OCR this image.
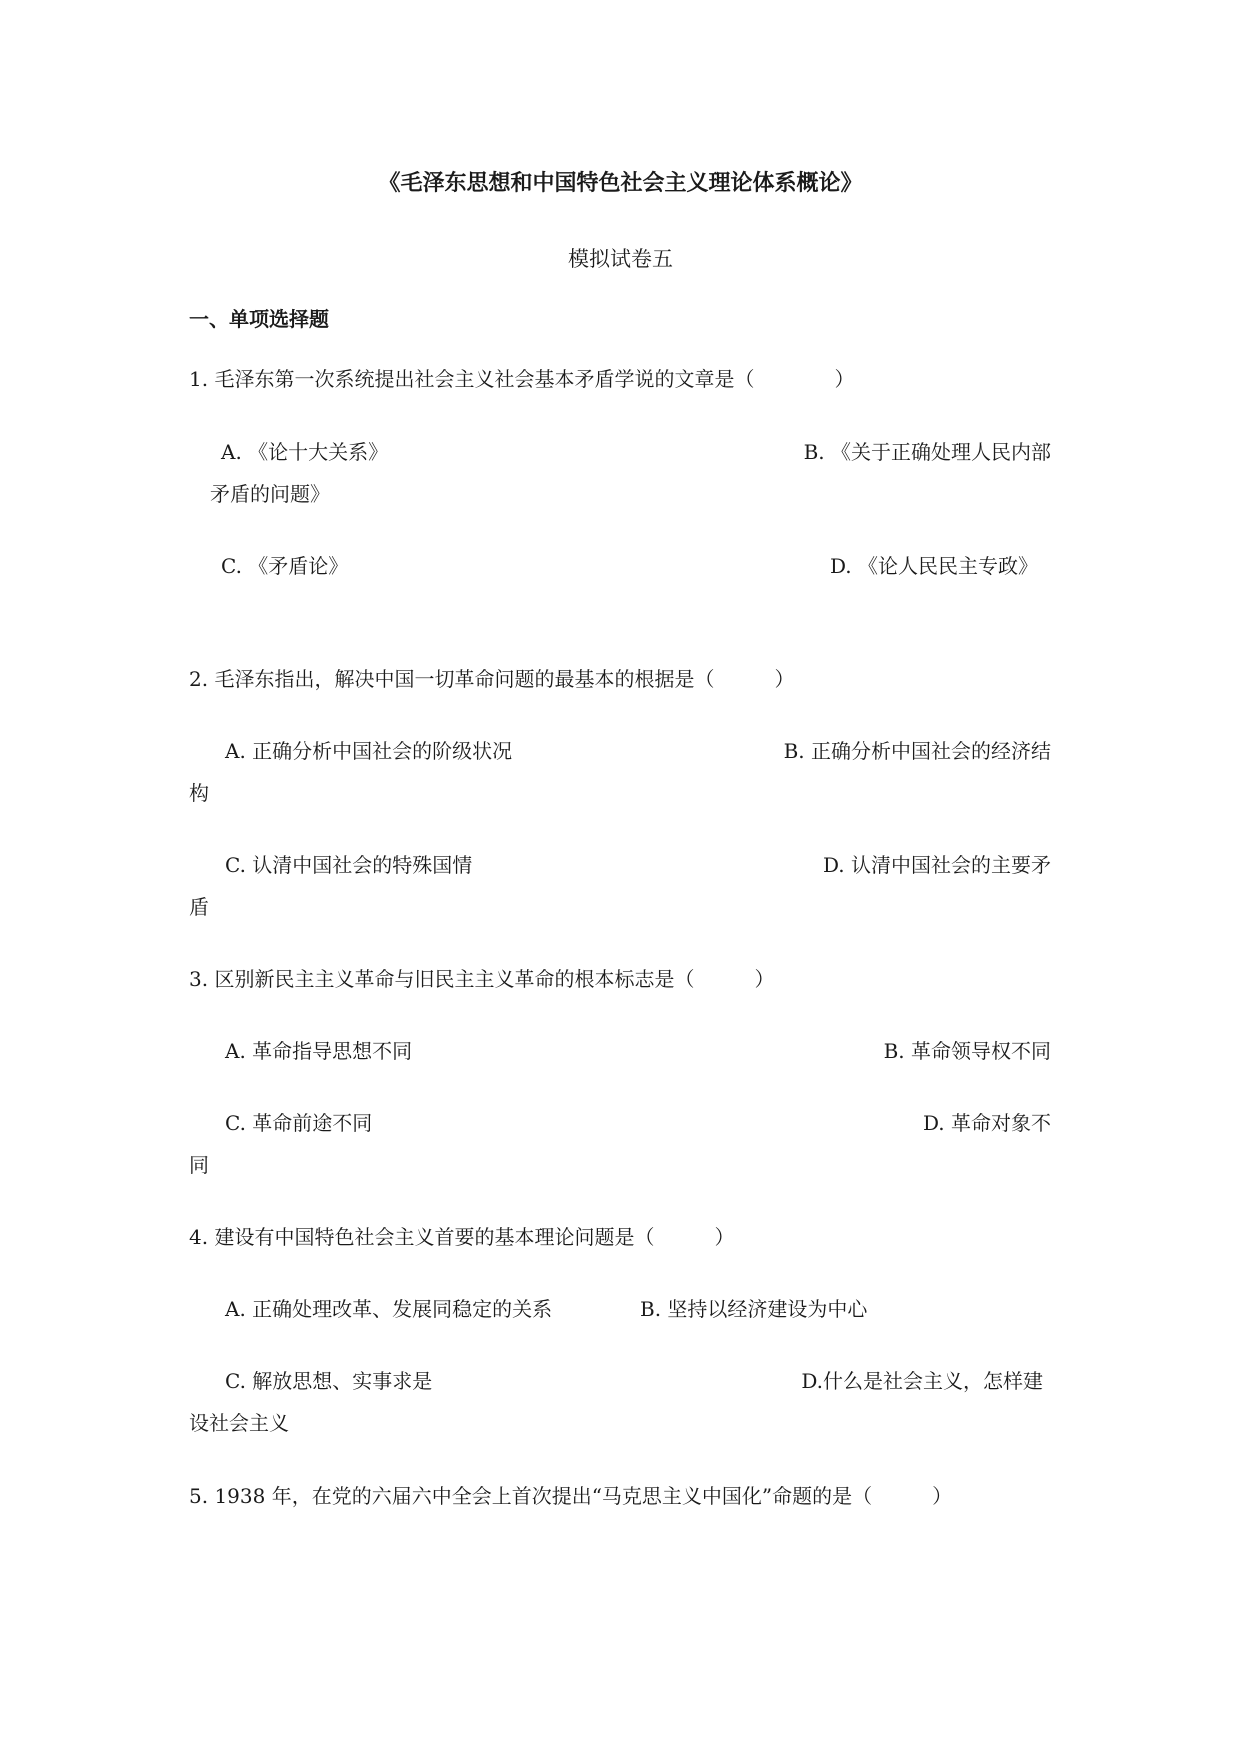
《毛泽东思想和中国特色社会主义理论体系概论》
模拟试卷五
一、单项选择题
1. 毛泽东第一次系统提出社会主义社会基本矛盾学说的文章是（　　　　）
A. 《论十大关系》	B. 《关于正确处理人民内部
矛盾的问题》
C. 《矛盾论》	D. 《论人民民主专政》
2. 毛泽东指出，解决中国一切革命问题的最基本的根据是（　　　）
A. 正确分析中国社会的阶级状况	B. 正确分析中国社会的经济结
构
C. 认清中国社会的特殊国情	D. 认清中国社会的主要矛
盾
3. 区别新民主主义革命与旧民主主义革命的根本标志是（　　　）
A. 革命指导思想不同	B. 革命领导权不同
C. 革命前途不同	D. 革命对象不
同
4. 建设有中国特色社会主义首要的基本理论问题是（　　　）
A. 正确处理改革、发展同稳定的关系	B. 坚持以经济建设为中心
C. 解放思想、实事求是	D.什么是社会主义，怎样建
设社会主义
5. 1938 年，在党的六届六中全会上首次提出“马克思主义中国化”命题的是（　　　）
